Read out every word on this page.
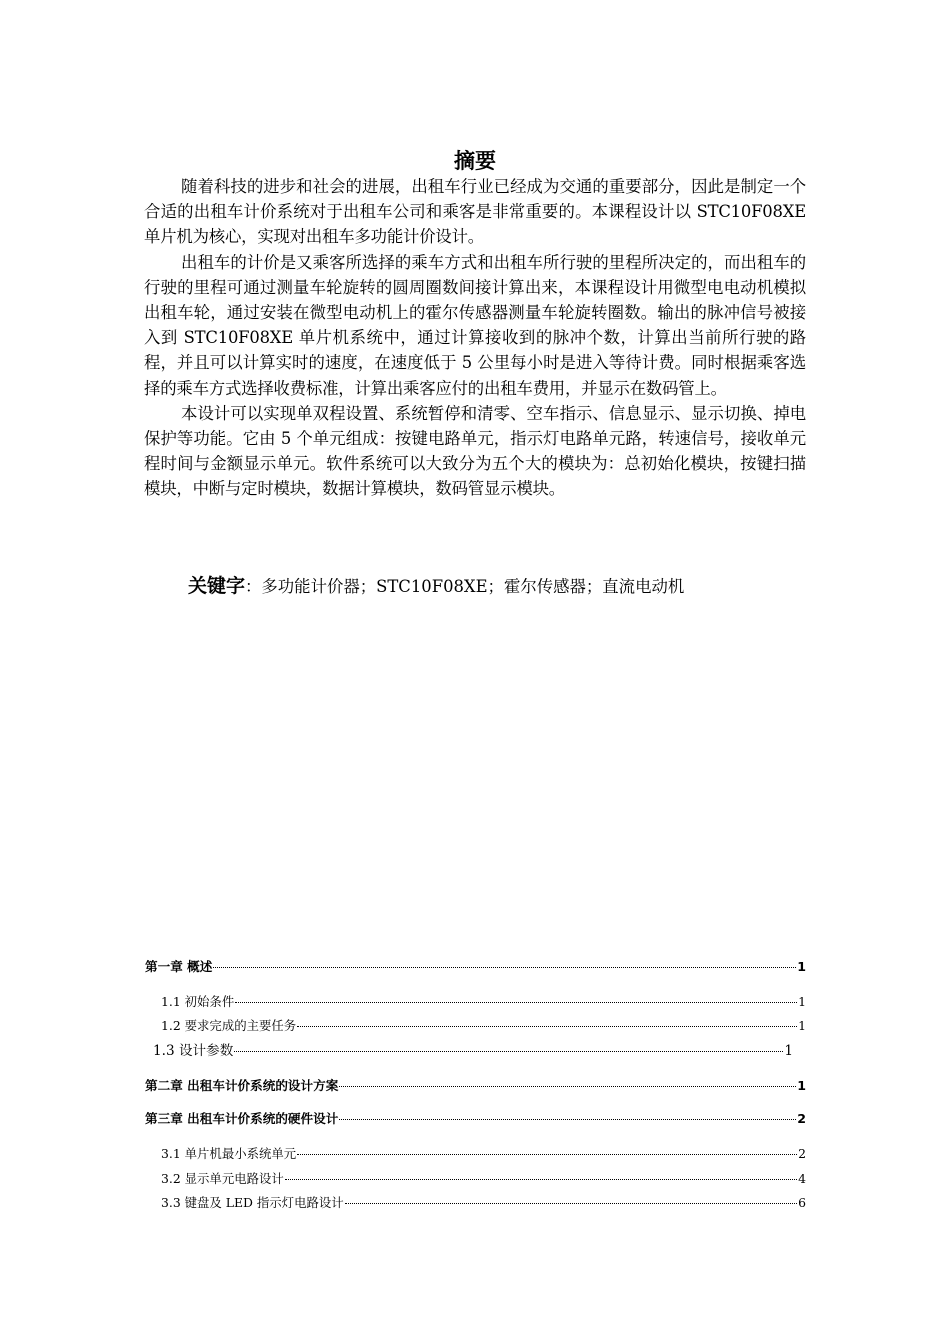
摘要

随着科技的进步和社会的进展，出租车行业已经成为交通的重要部分，因此是制定一个合适的出租车计价系统对于出租车公司和乘客是非常重要的。本课程设计以 STC10F08XE 单片机为核心，实现对出租车多功能计价设计。

出租车的计价是又乘客所选择的乘车方式和出租车所行驶的里程所决定的，而出租车的行驶的里程可通过测量车轮旋转的圆周圈数间接计算出来，本课程设计用微型电电动机模拟出租车轮，通过安装在微型电动机上的霍尔传感器测量车轮旋转圈数。输出的脉冲信号被接入到 STC10F08XE 单片机系统中，通过计算接收到的脉冲个数，计算出当前所行驶的路程，并且可以计算实时的速度，在速度低于 5 公里每小时是进入等待计费。同时根据乘客选择的乘车方式选择收费标准，计算出乘客应付的出租车费用，并显示在数码管上。

本设计可以实现单双程设置、系统暂停和清零、空车指示、信息显示、显示切换、掉电保护等功能。它由 5 个单元组成：按键电路单元，指示灯电路单元路，转速信号，接收单元程时间与金额显示单元。软件系统可以大致分为五个大的模块为：总初始化模块，按键扫描模块，中断与定时模块，数据计算模块，数码管显示模块。

关键字：多功能计价器；STC10F08XE；霍尔传感器；直流电动机
第一章 概述	1
1.1 初始条件	1
1.2 要求完成的主要任务	1
1.3 设计参数	1
第二章 出租车计价系统的设计方案	1
第三章 出租车计价系统的硬件设计	2
3.1 单片机最小系统单元	2
3.2 显示单元电路设计	4
3.3 键盘及 LED 指示灯电路设计	6
